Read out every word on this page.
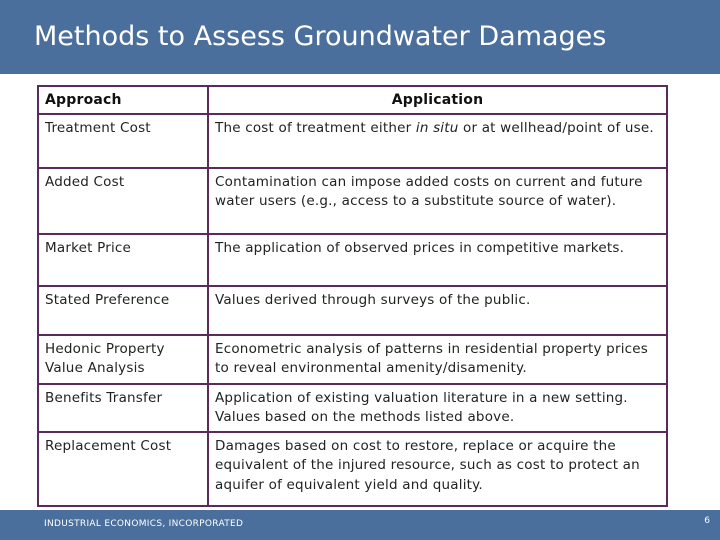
Methods to Assess Groundwater Damages
Approach	Application
Treatment Cost	The cost of treatment either in situ or at wellhead/point of use.
Added Cost	Contamination can impose added costs on current and future water users (e.g., access to a substitute source of water).
Market Price	The application of observed prices in competitive markets.
Stated Preference	Values derived through surveys of the public.
Hedonic Property Value Analysis	Econometric analysis of patterns in residential property prices to reveal environmental amenity/disamenity.
Benefits Transfer	Application of existing valuation literature in a new setting. Values based on the methods listed above.
Replacement Cost	Damages based on cost to restore, replace or acquire the equivalent of the injured resource, such as cost to protect an aquifer of equivalent yield and quality.
INDUSTRIAL ECONOMICS, INCORPORATED	6
